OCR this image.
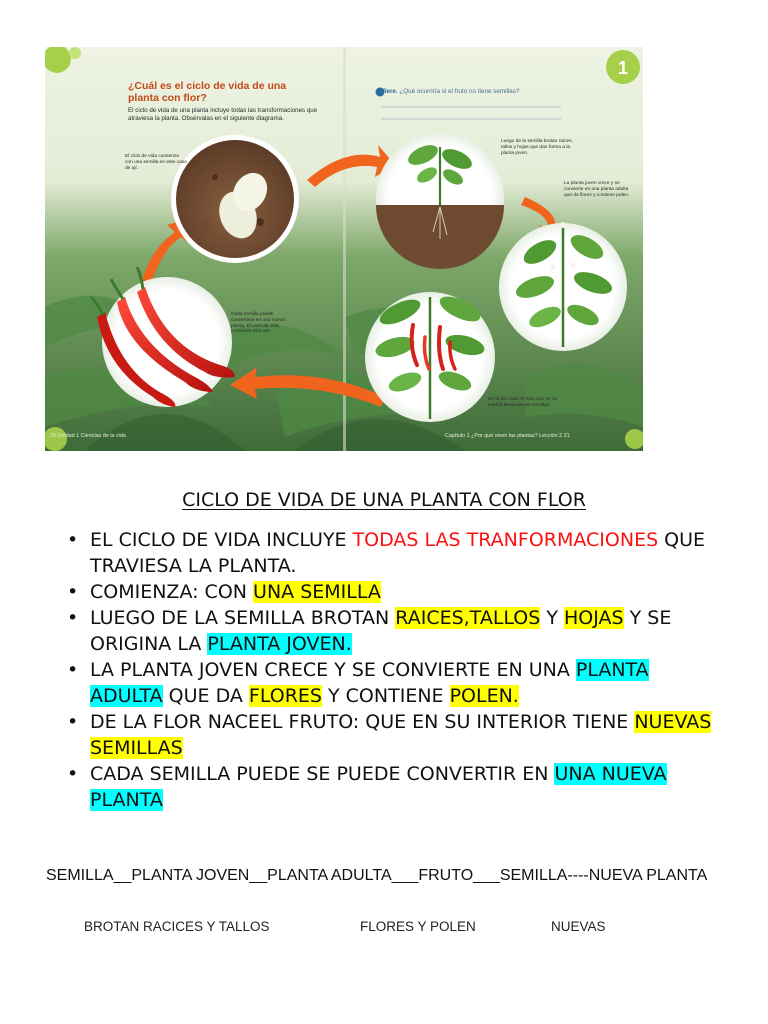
1
¿Cuál es el ciclo de vida de una planta con flor?
El ciclo de vida de una planta incluye todas las transformaciones que atraviesa la planta. Obsérvalas en el siguiente diagrama.
Infiere. ¿Qué ocurriría si el fruto no tiene semillas?
El ciclo de vida comienza con una semilla en este caso de ají.
Luego de la semilla brotan raíces, tallos y hojas que dan forma a la planta joven.
La planta joven crece y se convierte en una planta adulta que da flores y contiene polen.
De la flor nace el fruto que en su interior lleva nuevas semillas.
Cada semilla puede convertirse en una nueva planta. El ciclo de vida comienza otra vez.
20 Unidad 1 Ciencias de la vida	Capítulo 1 ¿Por qué viven las plantas? Lección 2 21
CICLO DE VIDA DE UNA PLANTA CON FLOR
• EL CICLO DE VIDA INCLUYE TODAS LAS TRANFORMACIONES QUE TRAVIESA LA PLANTA.
• COMIENZA: CON UNA SEMILLA
• LUEGO DE LA SEMILLA BROTAN RAICES,TALLOS Y HOJAS Y SE ORIGINA LA PLANTA JOVEN.
• LA PLANTA JOVEN CRECE Y SE CONVIERTE EN UNA PLANTA ADULTA QUE DA FLORES Y CONTIENE POLEN.
• DE LA FLOR NACEEL FRUTO: QUE EN SU INTERIOR TIENE NUEVAS SEMILLAS
• CADA SEMILLA PUEDE SE PUEDE CONVERTIR EN UNA NUEVA PLANTA
SEMILLA__PLANTA JOVEN__PLANTA ADULTA___FRUTO___SEMILLA----NUEVA PLANTA
BROTAN RACICES Y TALLOS	FLORES Y POLEN	NUEVAS
